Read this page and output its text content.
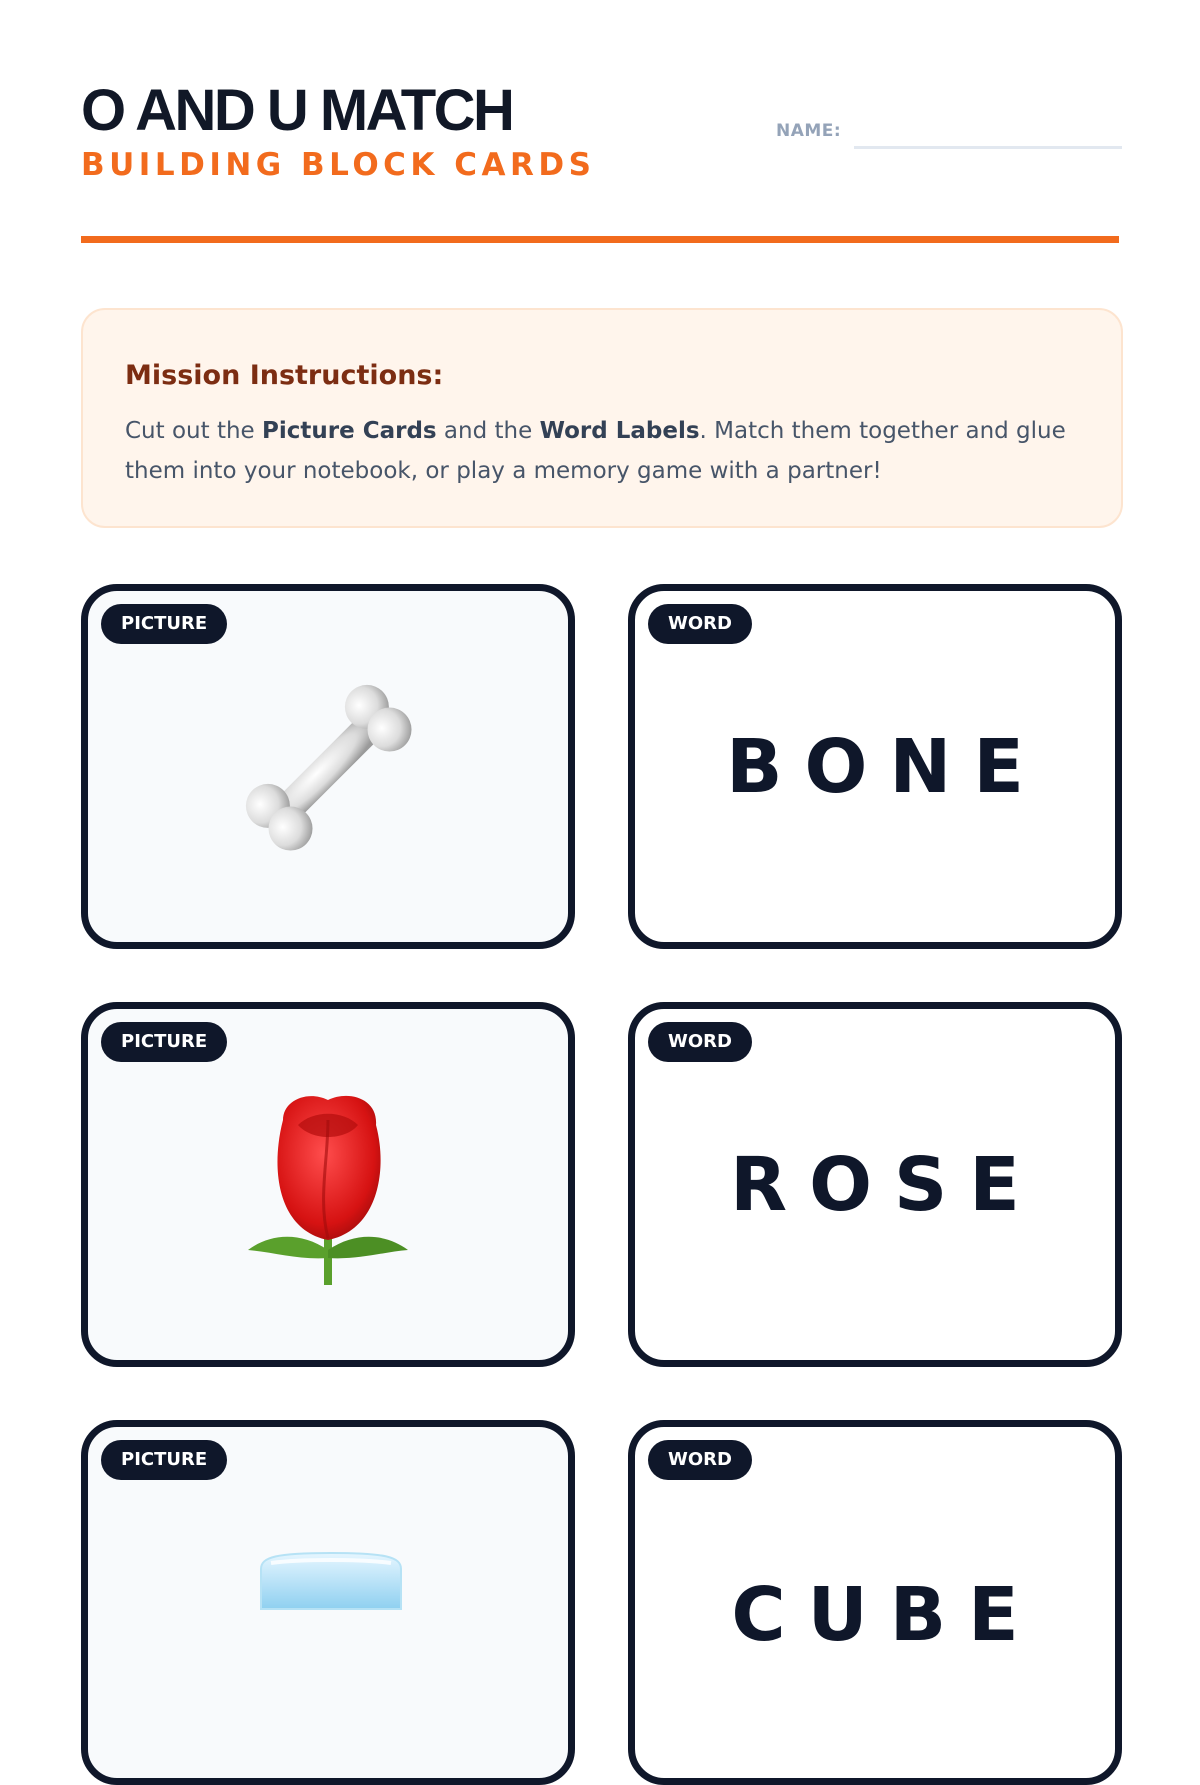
O AND U MATCH
BUILDING BLOCK CARDS
NAME:
Mission Instructions:

Cut out the Picture Cards and the Word Labels. Match them together and glue them into your notebook, or play a memory game with a partner!

PICTURE	WORD
BONE
PICTURE	WORD
ROSE
PICTURE	WORD
CUBE
